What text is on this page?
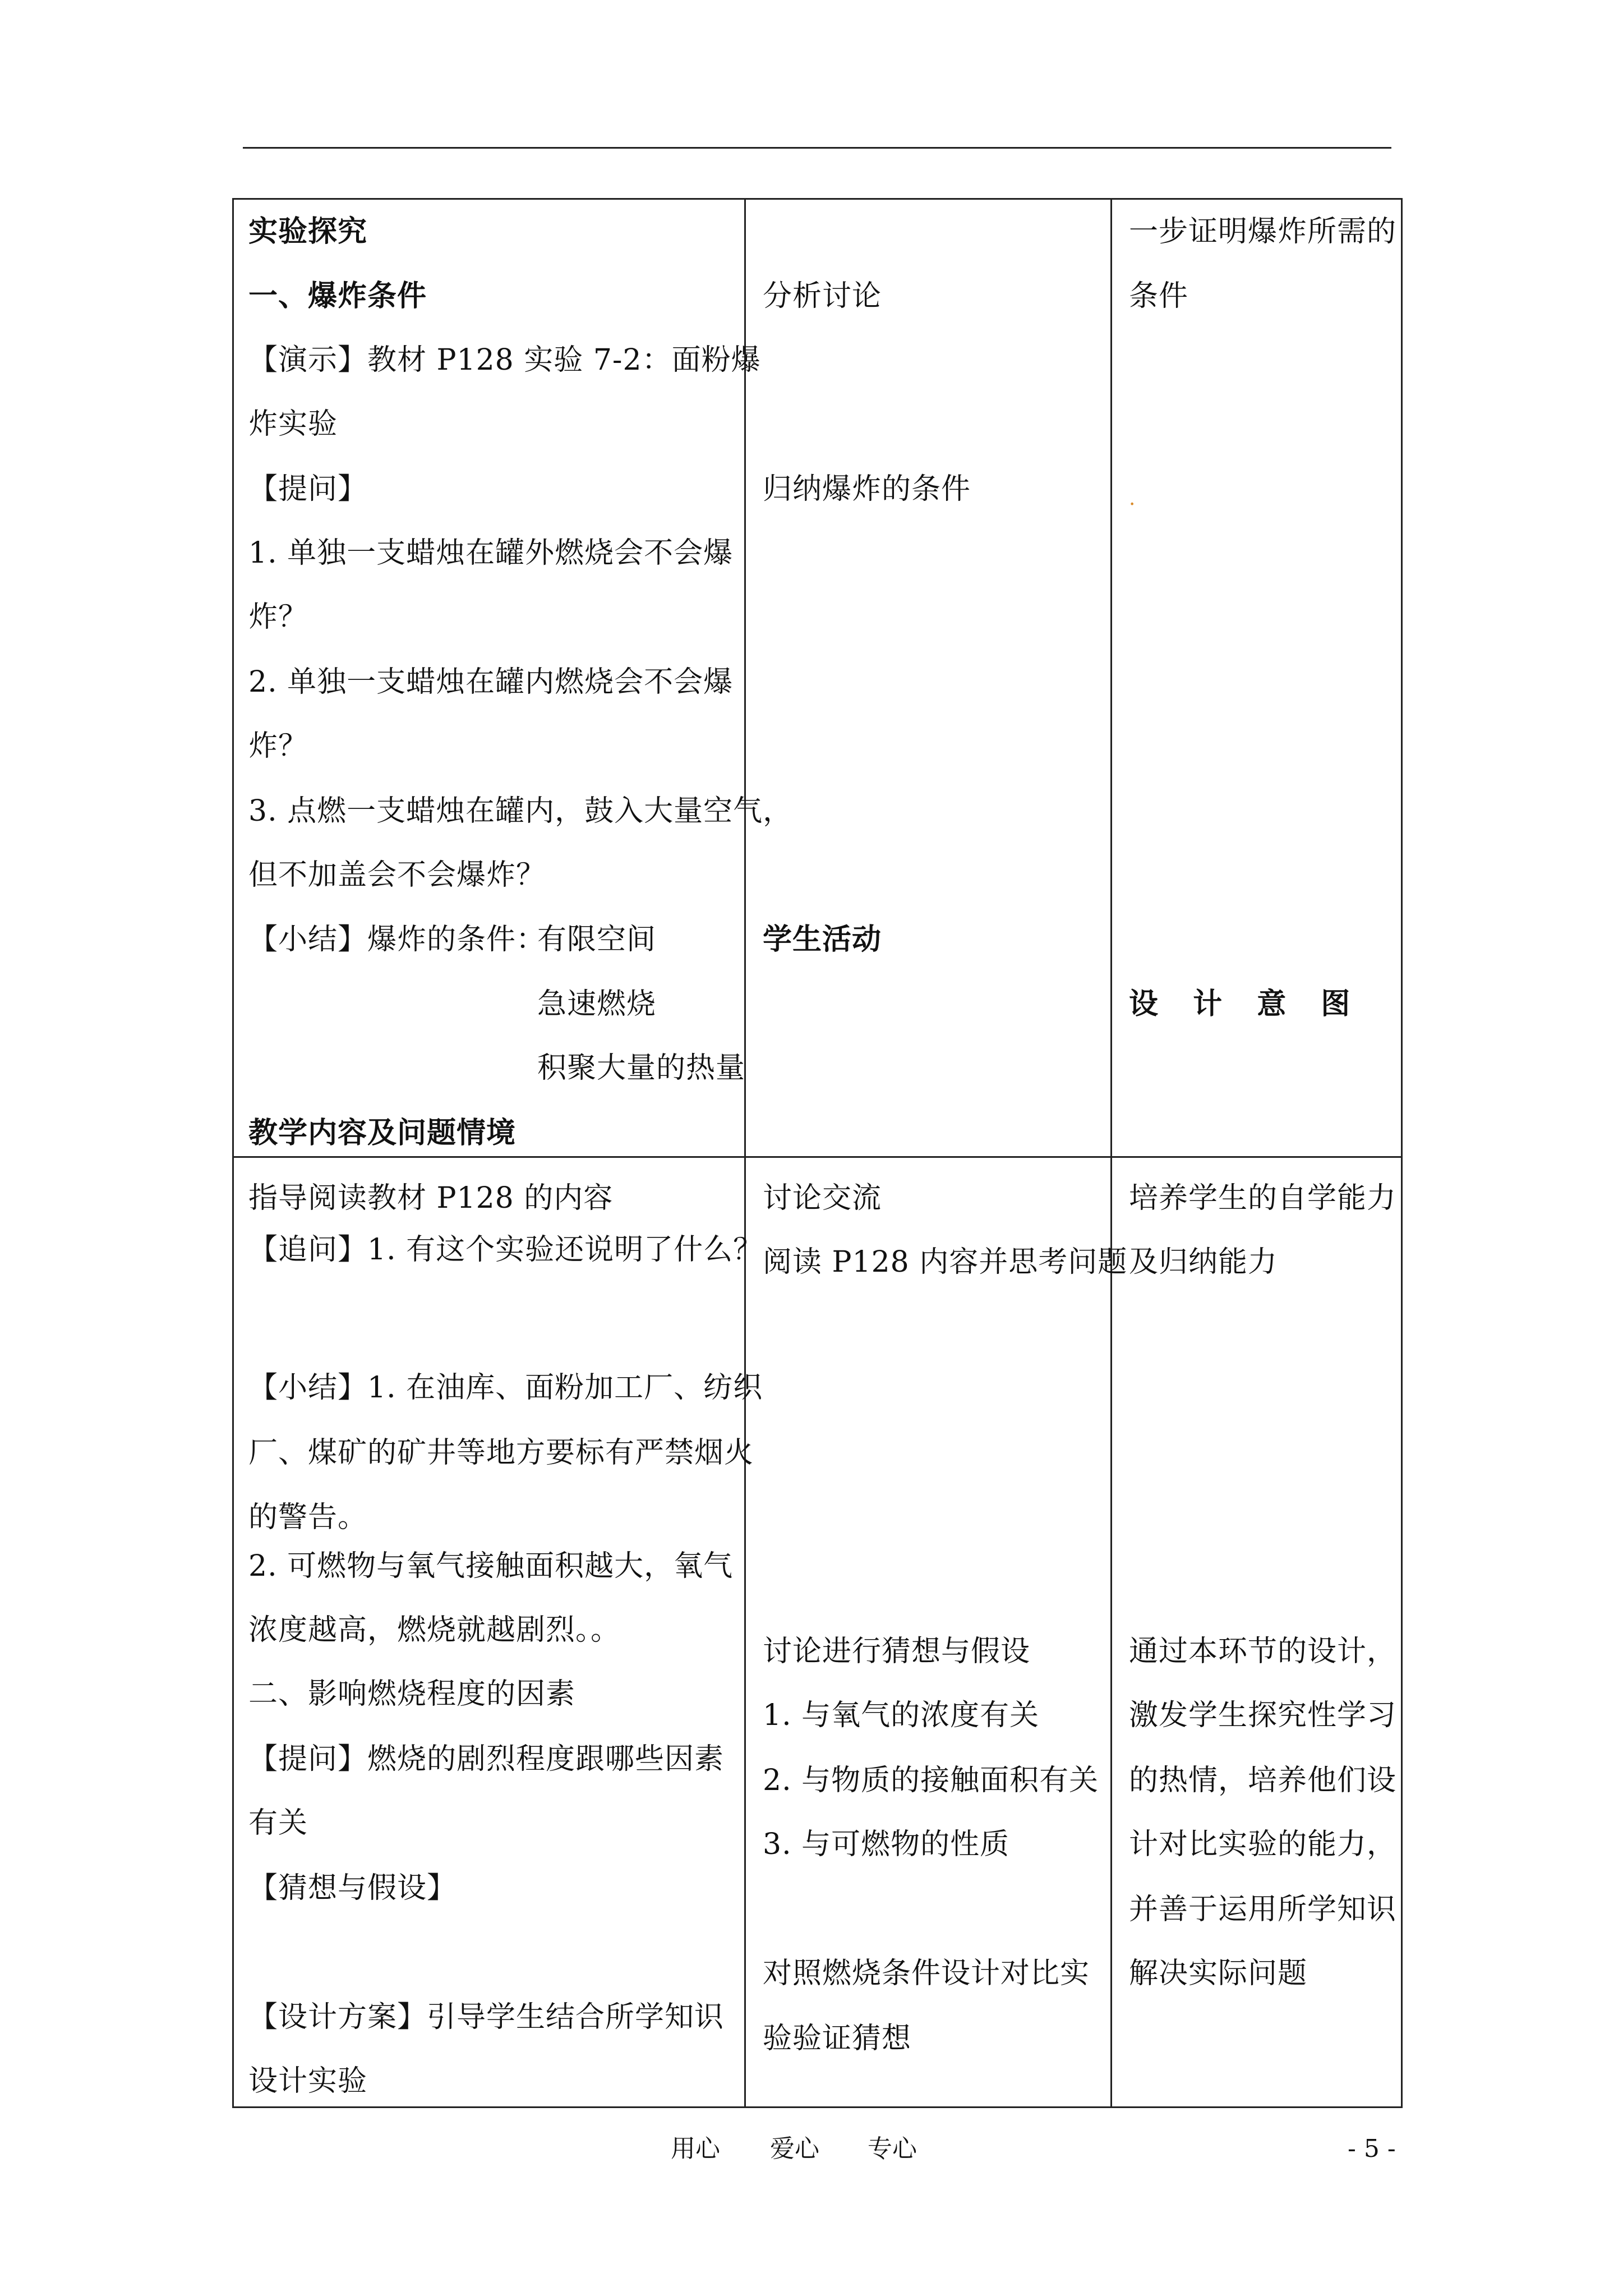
实验探究
一、爆炸条件
【演示】教材 P128 实验 7-2：面粉爆
炸实验
【提问】
1. 单独一支蜡烛在罐外燃烧会不会爆
炸？
2. 单独一支蜡烛在罐内燃烧会不会爆
炸？
3. 点燃一支蜡烛在罐内，鼓入大量空气，
但不加盖会不会爆炸？
【小结】爆炸的条件：
有限空间
急速燃烧
积聚大量的热量
教学内容及问题情境
分析讨论
归纳爆炸的条件
学生活动
一步证明爆炸所需的
条件
·
设 计 意 图
指导阅读教材 P128 的内容
【追问】1. 有这个实验还说明了什么？
【小结】1. 在油库、面粉加工厂、纺织
厂、煤矿的矿井等地方要标有严禁烟火
的警告。
2. 可燃物与氧气接触面积越大，氧气
浓度越高，燃烧就越剧烈。。
二、影响燃烧程度的因素
【提问】燃烧的剧烈程度跟哪些因素
有关
【猜想与假设】
【设计方案】引导学生结合所学知识
设计实验
讨论交流
阅读 P128 内容并思考问题
讨论进行猜想与假设
1. 与氧气的浓度有关
2. 与物质的接触面积有关
3. 与可燃物的性质
对照燃烧条件设计对比实
验验证猜想
培养学生的自学能力
及归纳能力
通过本环节的设计，
激发学生探究性学习
的热情，培养他们设
计对比实验的能力，
并善于运用所学知识
解决实际问题
用心 爱心 专心	- 5 -
